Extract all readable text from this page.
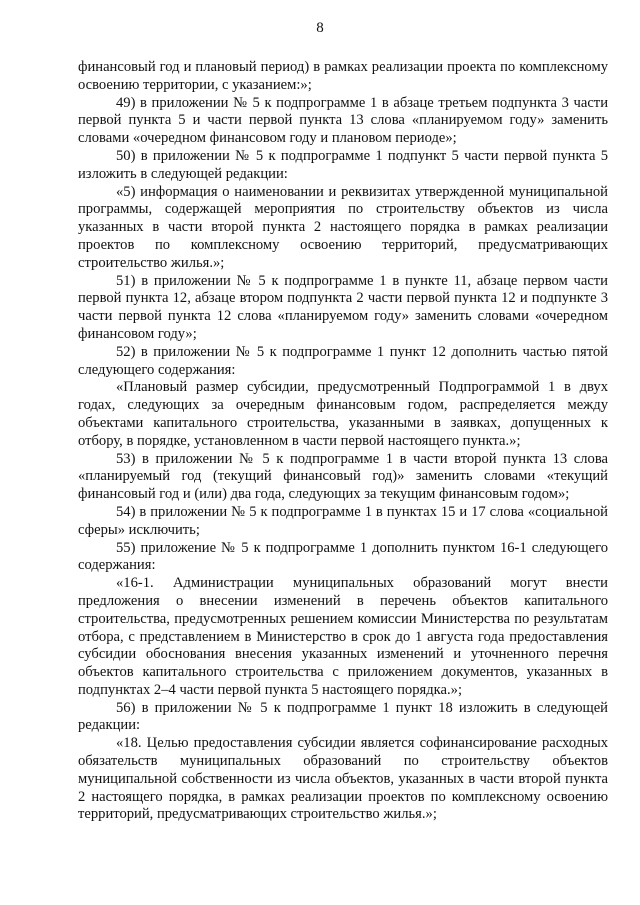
8

финансовый год и плановый период) в рамках реализации проекта по комплексному освоению территории, с указанием:»;

49) в приложении № 5 к подпрограмме 1 в абзаце третьем подпункта 3 части первой пункта 5 и части первой пункта 13 слова «планируемом году» заменить словами «очередном финансовом году и плановом периоде»;

50) в приложении № 5 к подпрограмме 1 подпункт 5 части первой пункта 5 изложить в следующей редакции:

«5) информация о наименовании и реквизитах утвержденной муниципальной программы, содержащей мероприятия по строительству объектов из числа указанных в части второй пункта 2 настоящего порядка в рамках реализации проектов по комплексному освоению территорий, предусматривающих строительство жилья.»;

51) в приложении № 5 к подпрограмме 1 в пункте 11, абзаце первом части первой пункта 12, абзаце втором подпункта 2 части первой пункта 12 и подпункте 3 части первой пункта 12 слова «планируемом году» заменить словами «очередном финансовом году»;

52) в приложении № 5 к подпрограмме 1 пункт 12 дополнить частью пятой следующего содержания:

«Плановый размер субсидии, предусмотренный Подпрограммой 1 в двух годах, следующих за очередным финансовым годом, распределяется между объектами капитального строительства, указанными в заявках, допущенных к отбору, в порядке, установленном в части первой настоящего пункта.»;

53) в приложении № 5 к подпрограмме 1 в части второй пункта 13 слова «планируемый год (текущий финансовый год)» заменить словами «текущий финансовый год и (или) два года, следующих за текущим финансовым годом»;

54) в приложении № 5 к подпрограмме 1 в пунктах 15 и 17 слова «социальной сферы» исключить;

55) приложение № 5 к подпрограмме 1 дополнить пунктом 16-1 следующего содержания:

«16-1. Администрации муниципальных образований могут внести предложения о внесении изменений в перечень объектов капитального строительства, предусмотренных решением комиссии Министерства по результатам отбора, с представлением в Министерство в срок до 1 августа года предоставления субсидии обоснования внесения указанных изменений и уточненного перечня объектов капитального строительства с приложением документов, указанных в подпунктах 2–4 части первой пункта 5 настоящего порядка.»;

56) в приложении № 5 к подпрограмме 1 пункт 18 изложить в следующей редакции:

«18. Целью предоставления субсидии является софинансирование расходных обязательств муниципальных образований по строительству объектов муниципальной собственности из числа объектов, указанных в части второй пункта 2 настоящего порядка, в рамках реализации проектов по комплексному освоению территорий, предусматривающих строительство жилья.»;
